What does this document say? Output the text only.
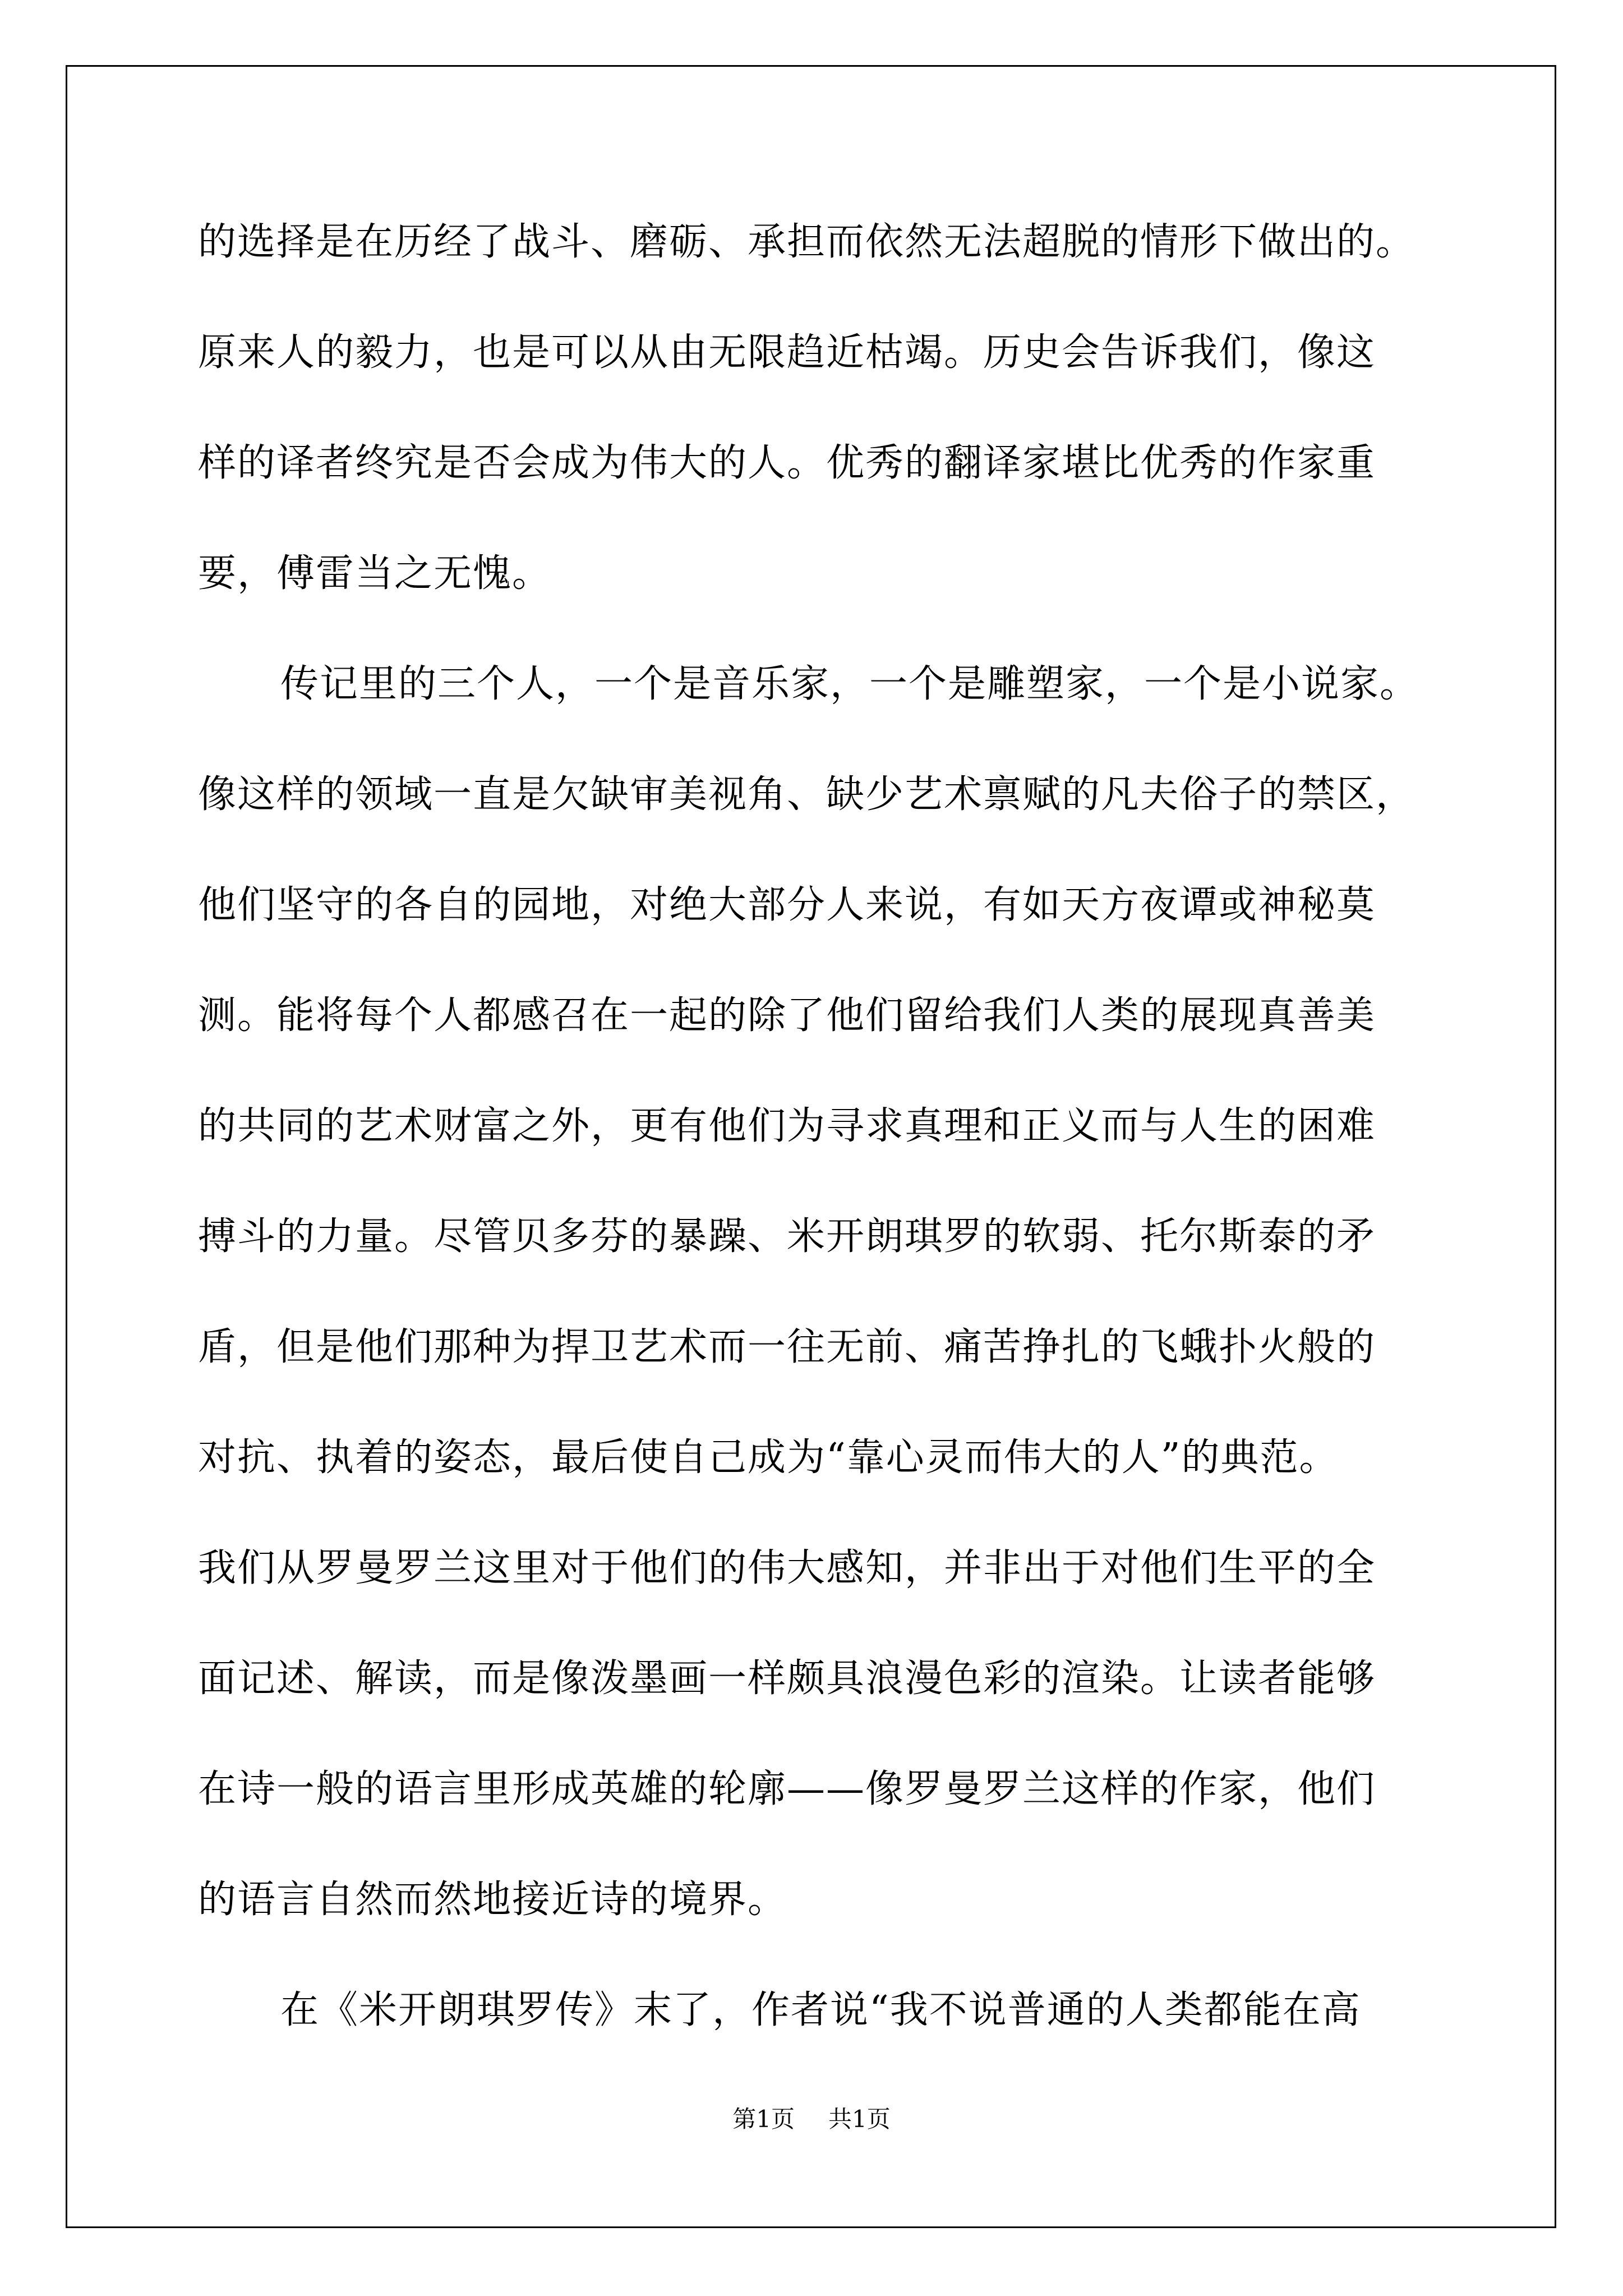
的选择是在历经了战斗、磨砺、承担而依然无法超脱的情形下做出的。
原来人的毅力，也是可以从由无限趋近枯竭。历史会告诉我们，像这
样的译者终究是否会成为伟大的人。优秀的翻译家堪比优秀的作家重
要，傅雷当之无愧。
传记里的三个人，一个是音乐家，一个是雕塑家，一个是小说家。
像这样的领域一直是欠缺审美视角、缺少艺术禀赋的凡夫俗子的禁区，
他们坚守的各自的园地，对绝大部分人来说，有如天方夜谭或神秘莫
测。能将每个人都感召在一起的除了他们留给我们人类的展现真善美
的共同的艺术财富之外，更有他们为寻求真理和正义而与人生的困难
搏斗的力量。尽管贝多芬的暴躁、米开朗琪罗的软弱、托尔斯泰的矛
盾，但是他们那种为捍卫艺术而一往无前、痛苦挣扎的飞蛾扑火般的
对抗、执着的姿态，最后使自己成为“靠心灵而伟大的人”的典范。
我们从罗曼罗兰这里对于他们的伟大感知，并非出于对他们生平的全
面记述、解读，而是像泼墨画一样颇具浪漫色彩的渲染。让读者能够
在诗一般的语言里形成英雄的轮廓——像罗曼罗兰这样的作家，他们
的语言自然而然地接近诗的境界。
在《米开朗琪罗传》末了，作者说“我不说普通的人类都能在高
第1页 共1页
